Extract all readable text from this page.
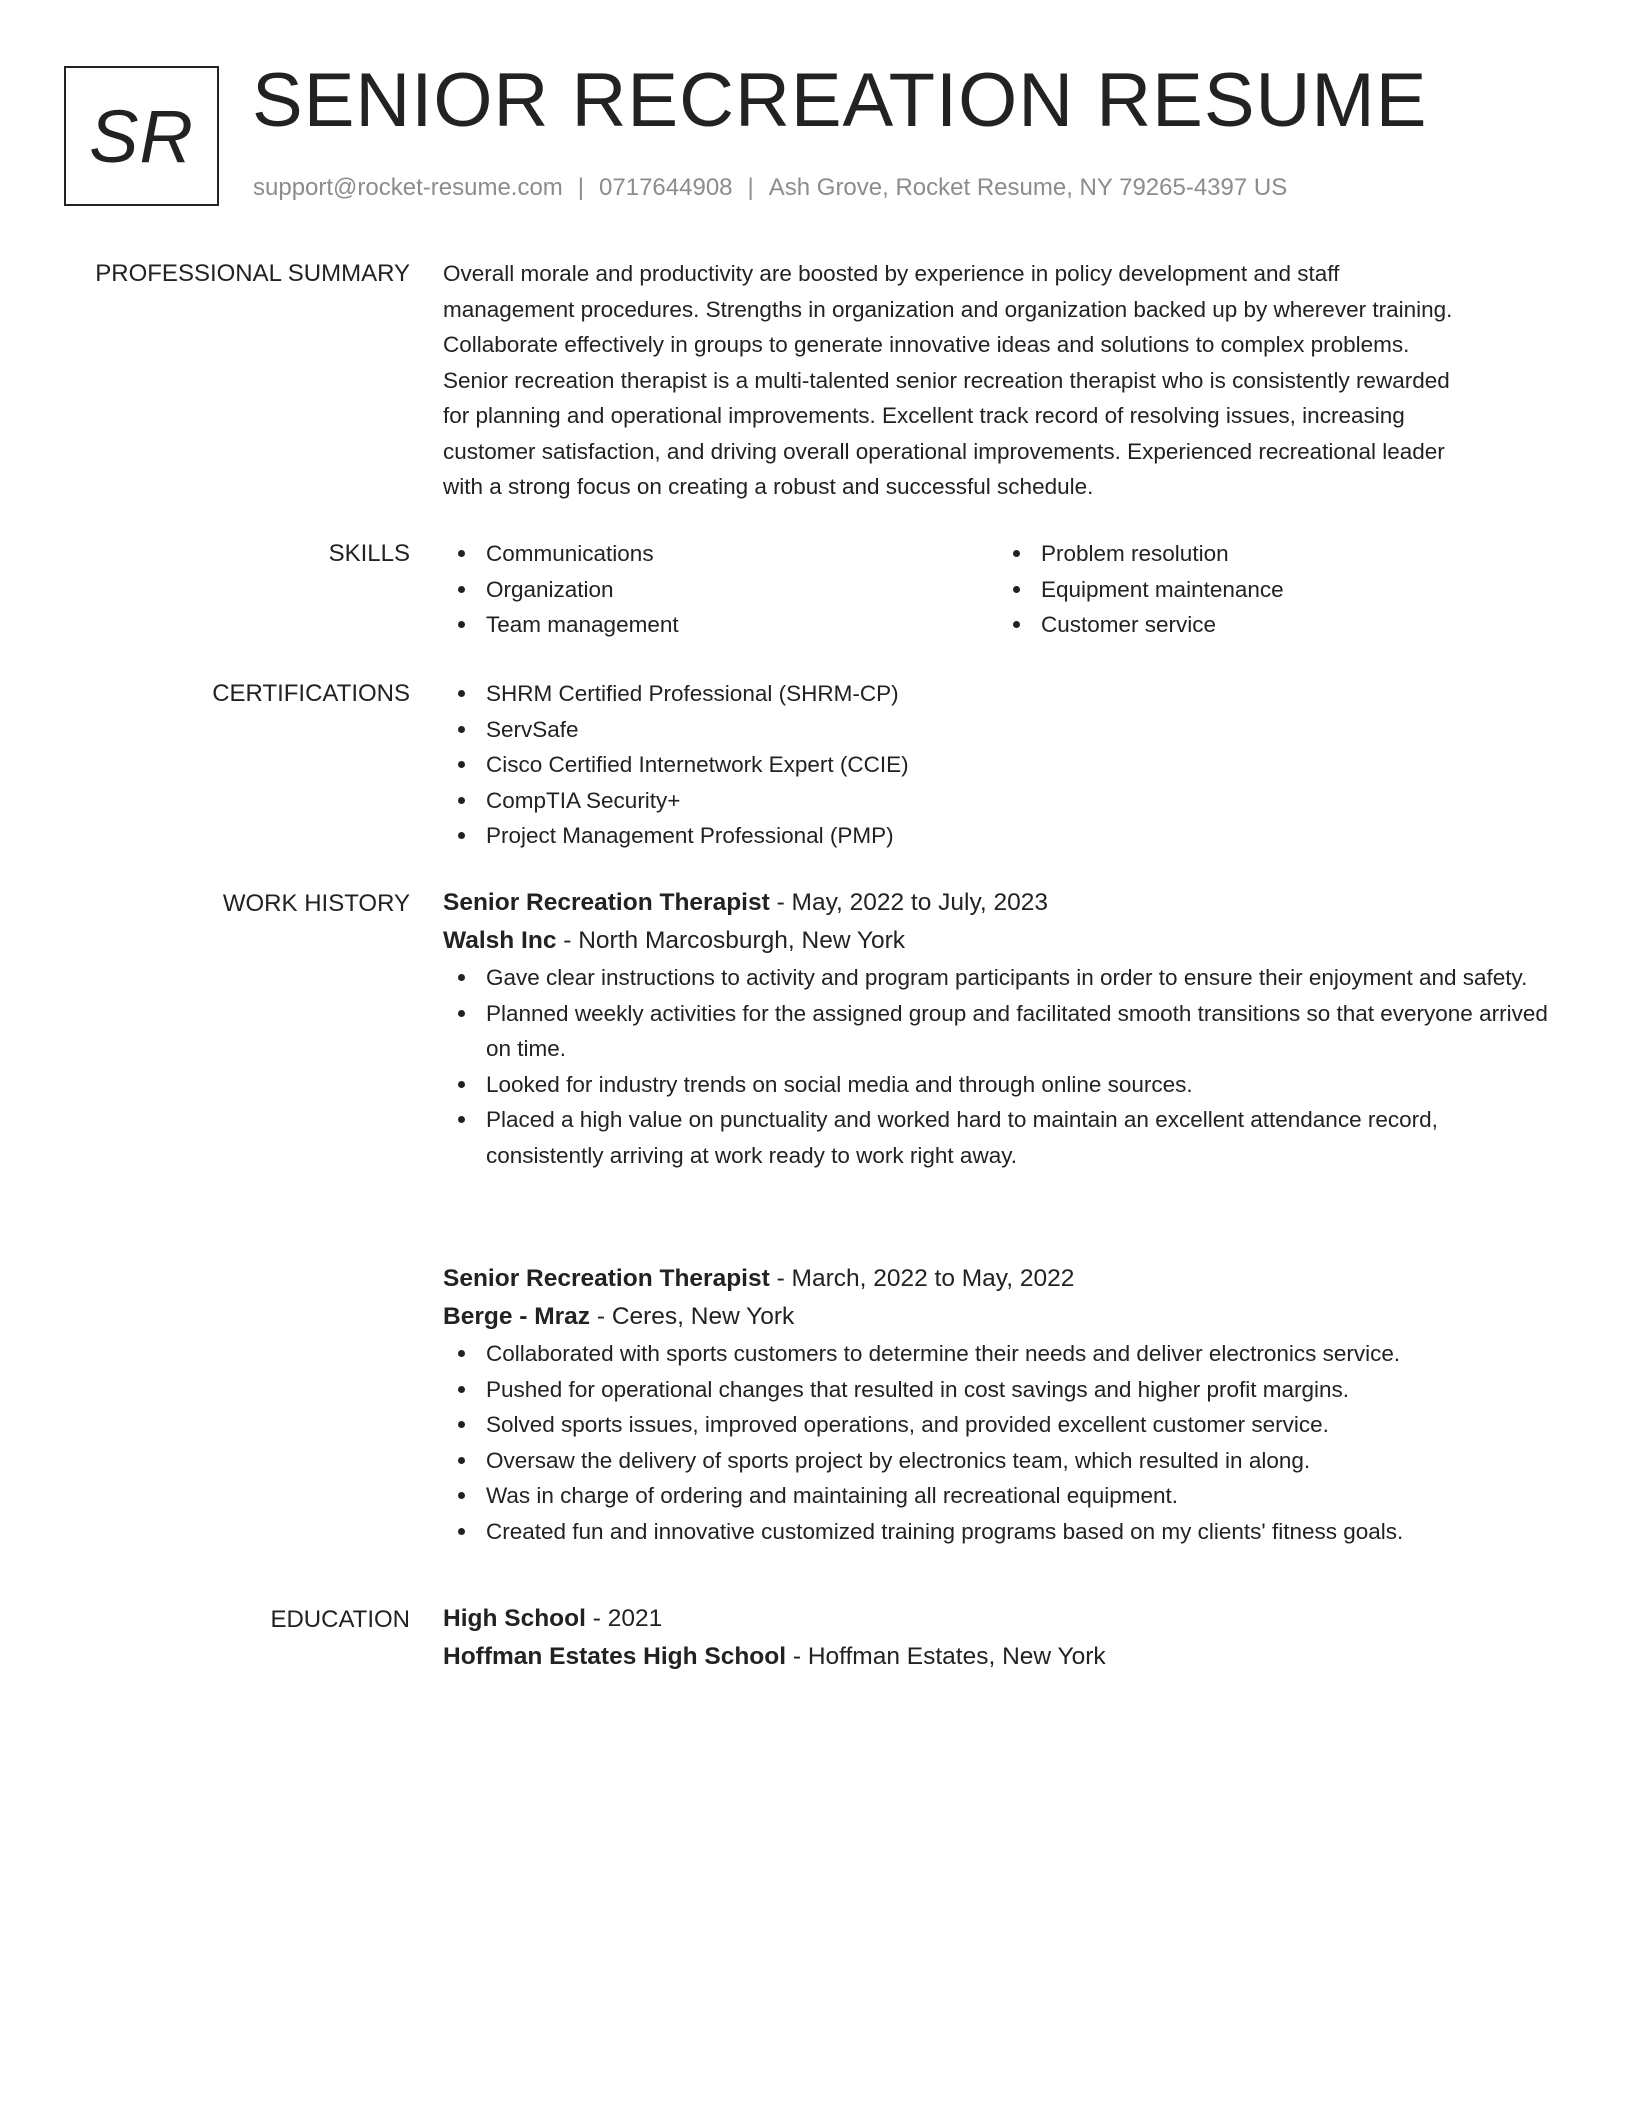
SR SENIOR RECREATION RESUME
support@rocket-resume.com | 0717644908 | Ash Grove, Rocket Resume, NY 79265-4397 US
PROFESSIONAL SUMMARY Overall morale and productivity are boosted by experience in policy development and staff

management procedures. Strengths in organization and organization backed up by wherever training.

Collaborate effectively in groups to generate innovative ideas and solutions to complex problems.

Senior recreation therapist is a multi-talented senior recreation therapist who is consistently rewarded

for planning and operational improvements. Excellent track record of resolving issues, increasing

customer satisfaction, and driving overall operational improvements. Experienced recreational leader

with a strong focus on creating a robust and successful schedule.

SKILLS	Communications
Organization
Team management
Problem resolution
Equipment maintenance
Customer service
CERTIFICATIONS	SHRM Certified Professional (SHRM-CP)
ServSafe
Cisco Certified Internetwork Expert (CCIE)
CompTIA Security+
Project Management Professional (PMP)
WORK HISTORY Senior Recreation Therapist - May, 2022 to July, 2023
Walsh Inc - North Marcosburgh, New York
Gave clear instructions to activity and program participants in order to ensure their enjoyment and safety.
Planned weekly activities for the assigned group and facilitated smooth transitions so that everyone arrived on time.
Looked for industry trends on social media and through online sources.
Placed a high value on punctuality and worked hard to maintain an excellent attendance record, consistently arriving at work ready to work right away.
Senior Recreation Therapist - March, 2022 to May, 2022
Berge - Mraz - Ceres, New York
Collaborated with sports customers to determine their needs and deliver electronics service.
Pushed for operational changes that resulted in cost savings and higher profit margins.
Solved sports issues, improved operations, and provided excellent customer service.
Oversaw the delivery of sports project by electronics team, which resulted in along.
Was in charge of ordering and maintaining all recreational equipment.
Created fun and innovative customized training programs based on my clients' fitness goals.
EDUCATION High School - 2021
Hoffman Estates High School - Hoffman Estates, New York
